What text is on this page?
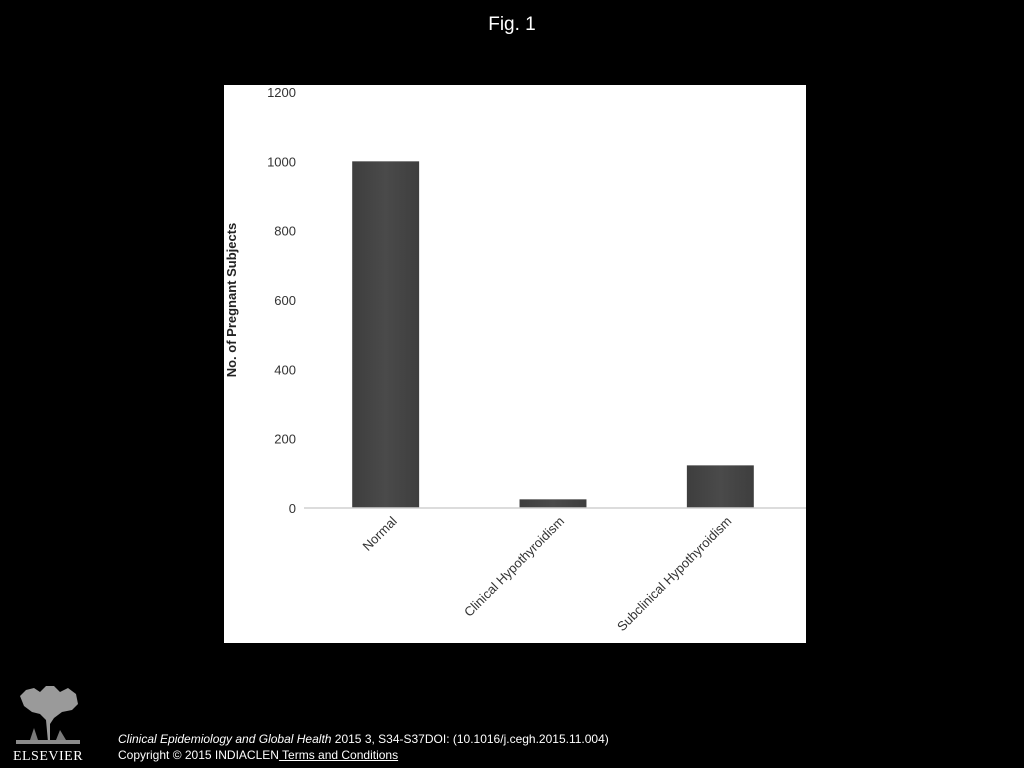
Fig. 1
0
200
400
600
800
1000
1200
Normal	Clinical Hypothyroidism	Subclinical Hypothyroidism
No. of Pregnant Subjects
ELSEVIER
Clinical Epidemiology and Global Health 2015 3, S34-S37DOI: (10.1016/j.cegh.2015.11.004)
Copyright © 2015 INDIACLEN Terms and Conditions
